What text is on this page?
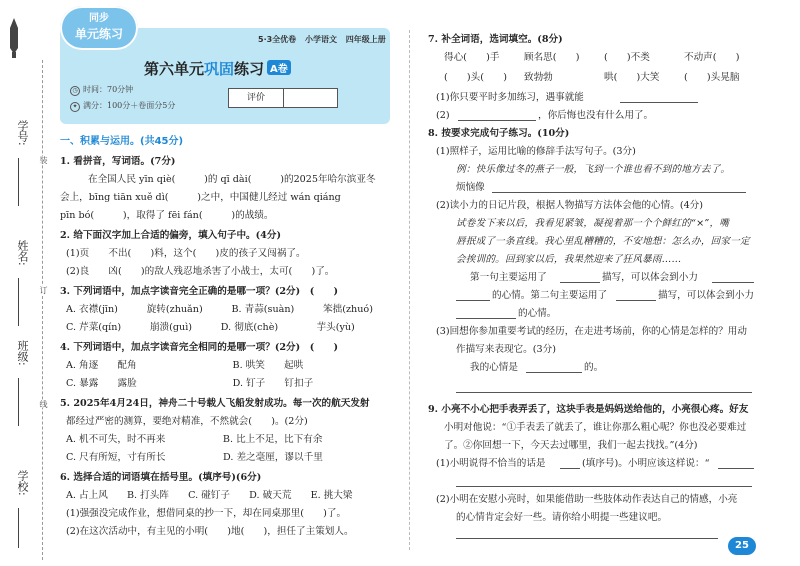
学号:
姓名:
班级:
学校:
装
订
线
同步
单元练习	5·3全优卷 小学语文 四年级上册
第六单元巩固练习 A卷
◷ 时间：70分钟
✦ 满分：100分＋卷面分5分
评价
一、积累与运用。(共45分)
1. 看拼音，写词语。(7分)
在全国人民 yīn qiè(　　　)的 qī dài(　　　)的2025年哈尔滨亚冬
会上，bīng tiān xuě dì(　　　)之中，中国健儿经过 wán qiáng
pīn bó(　　　)，取得了 fēi fán(　　　)的战绩。
2. 给下面汉字加上合适的偏旁，填入句子中。(4分)
(1)页　　不出(　　)料，这个(　　)皮的孩子又闯祸了。
(2)良　　凶(　　)的敌人残忍地杀害了小战士，太可(　　)了。
3. 下列词语中，加点字读音完全正确的是哪一项？(2分)　(　　)
A. 衣襟(jīn)　　　旋转(zhuǎn)　　　B. 青蒜(suàn)　　　笨拙(zhuó)
C. 芹菜(qín)　　　崩溃(guì)　　　D. 彻底(chè)　　　　芋头(yù)
4. 下列词语中，加点字读音完全相同的是哪一项？(2分)　(　　)
A. 角逐　　配角　　　　　　　　　　B. 哄笑　　起哄
C. 暴露　　露脸　　　　　　　　　　D. 钉子　　钉扣子
5. 2025年4月24日，神舟二十号载人飞船发射成功。每一次的航天发射
都经过严密的测算，要绝对精准，不然就会(　　)。(2分)
A. 机不可失，时不再来　　　　　　B. 比上不足，比下有余
C. 尺有所短，寸有所长　　　　　　D. 差之毫厘，谬以千里
6. 选择合适的词语填在括号里。(填序号)(6分)
A. 占上风　　B. 打头阵　　C. 碰钉子　　D. 破天荒　　E. 挑大梁
(1)强强没完成作业，想借同桌的抄一下，却在同桌那里(　　)了。
(2)在这次活动中，有主见的小明(　　)地(　　)，担任了主策划人。
7. 补全词语，选词填空。(8分)
得心(　　)手	顾名思(　　)	(　　)不类	不动声(　　)
(　　)头(　　) 致勃勃	哄(　　)大笑	(　　)头晃脑
(1)你只要平时多加练习，遇事就能
(2)	，你后悔也没有什么用了。
8. 按要求完成句子练习。(10分)
(1)照样子，运用比喻的修辞手法写句子。(3分)
例：快乐像过冬的燕子一般，飞到一个谁也看不到的地方去了。
烦恼像
(2)读小力的日记片段，根据人物描写方法体会他的心情。(4分)
试卷发下来以后，我看见紧皱，凝视着那一个个鲜红的“×”，嘴
唇抿成了一条直线。我心里乱糟糟的，不安地想：怎么办，回家一定
会挨训的。回到家以后，我果然迎来了狂风暴雨……
第一句主要运用了	描写，可以体会到小力
的心情。第二句主要运用了	描写，可以体会到小力
的心情。
(3)回想你参加重要考试的经历，在走进考场前，你的心情是怎样的？用动
作描写来表现它。(3分)
我的心情是	的。
9. 小亮不小心把手表弄丢了，这块手表是妈妈送给他的，小亮很心疼。好友
小明对他说：“①手表丢了就丢了，谁让你那么粗心呢？你也没必要难过
了。②你回想一下，今天去过哪里，我们一起去找找。”(4分)
(1)小明说得不恰当的话是	(填序号)。小明应该这样说：“
(2)小明在安慰小亮时，如果能借助一些肢体动作表达自己的情感，小亮
的心情肯定会好一些。请你给小明提一些建议吧。
25
